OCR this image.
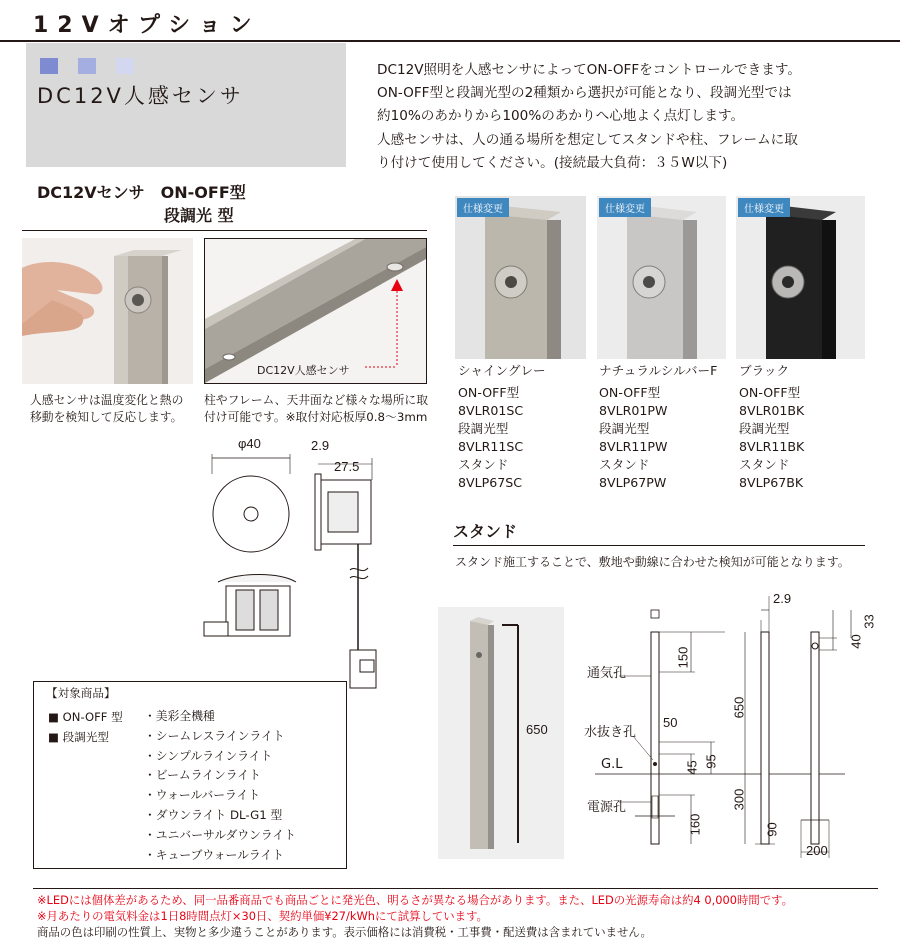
12Vオプション
DC12V人感センサ
DC12V照明を人感センサによってON-OFFをコントロールできます。
ON-OFF型と段調光型の2種類から選択が可能となり、段調光型では
約10%のあかりから100%のあかりへ心地よく点灯します。
人感センサは、人の通る場所を想定してスタンドや柱、フレームに取
り付けて使用してください。(接続最大負荷：３５W以下)
DC12Vセンサ　ON-OFF型
段調光 型
DC12V人感センサ
人感センサは温度変化と熱の
移動を検知して反応します。
柱やフレーム、天井面など様々な場所に取
付け可能です。※取付対応板厚0.8〜3mm
φ40	2.9
27.5
仕様変更	仕様変更	仕様変更
シャイングレー
ON-OFF型
8VLR01SC
段調光型
8VLR11SC
スタンド
8VLP67SC
ナチュラルシルバーF
ON-OFF型
8VLR01PW
段調光型
8VLR11PW
スタンド
8VLP67PW
ブラック
ON-OFF型
8VLR01BK
段調光型
8VLR11BK
スタンド
8VLP67BK
スタンド
スタンド施工することで、敷地や動線に合わせた検知が可能となります。
650
通気孔
水抜き孔
G.L
電源孔
150
650
50
45 95
300
160	90
2.9
33
40
200
【対象商品】
■ ON-OFF 型
■ 段調光型
・美彩全機種
・シームレスラインライト
・シンプルラインライト
・ビームラインライト
・ウォールバーライト
・ダウンライト DL-G1 型
・ユニバーサルダウンライト
・キューブウォールライト
※LEDには個体差があるため、同一品番商品でも商品ごとに発光色、明るさが異なる場合があります。また、LEDの光源寿命は約4 0,000時間です。
※月あたりの電気料金は1日8時間点灯×30日、契約単価¥27/kWhにて試算しています。
商品の色は印刷の性質上、実物と多少違うことがあります。表示価格には消費税・工事費・配送費は含まれていません。
